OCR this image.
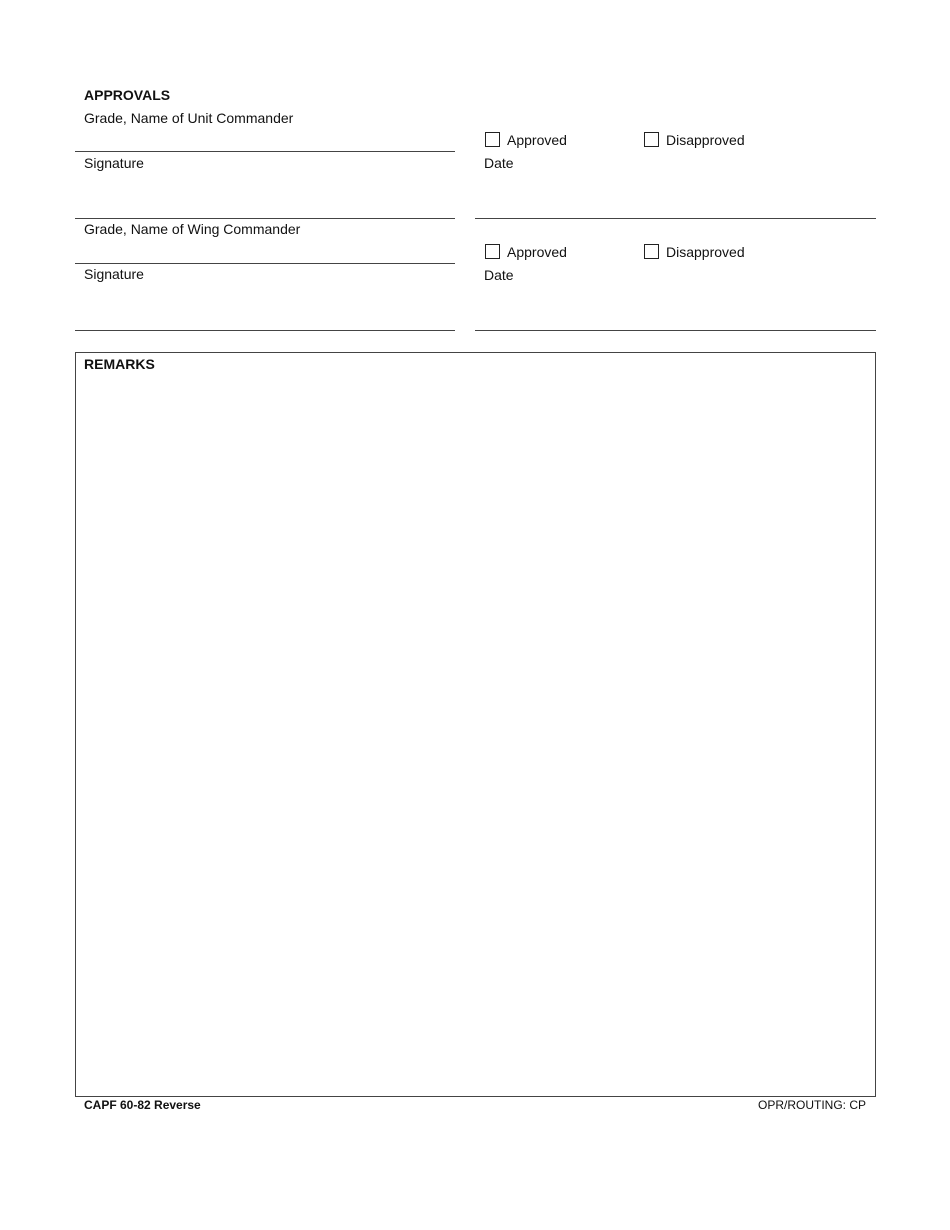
APPROVALS
Grade, Name of Unit Commander
Approved	Disapproved
Signature	Date
Grade, Name of Wing Commander
Approved	Disapproved
Signature	Date
REMARKS
CAPF 60-82 Reverse	OPR/ROUTING: CP
